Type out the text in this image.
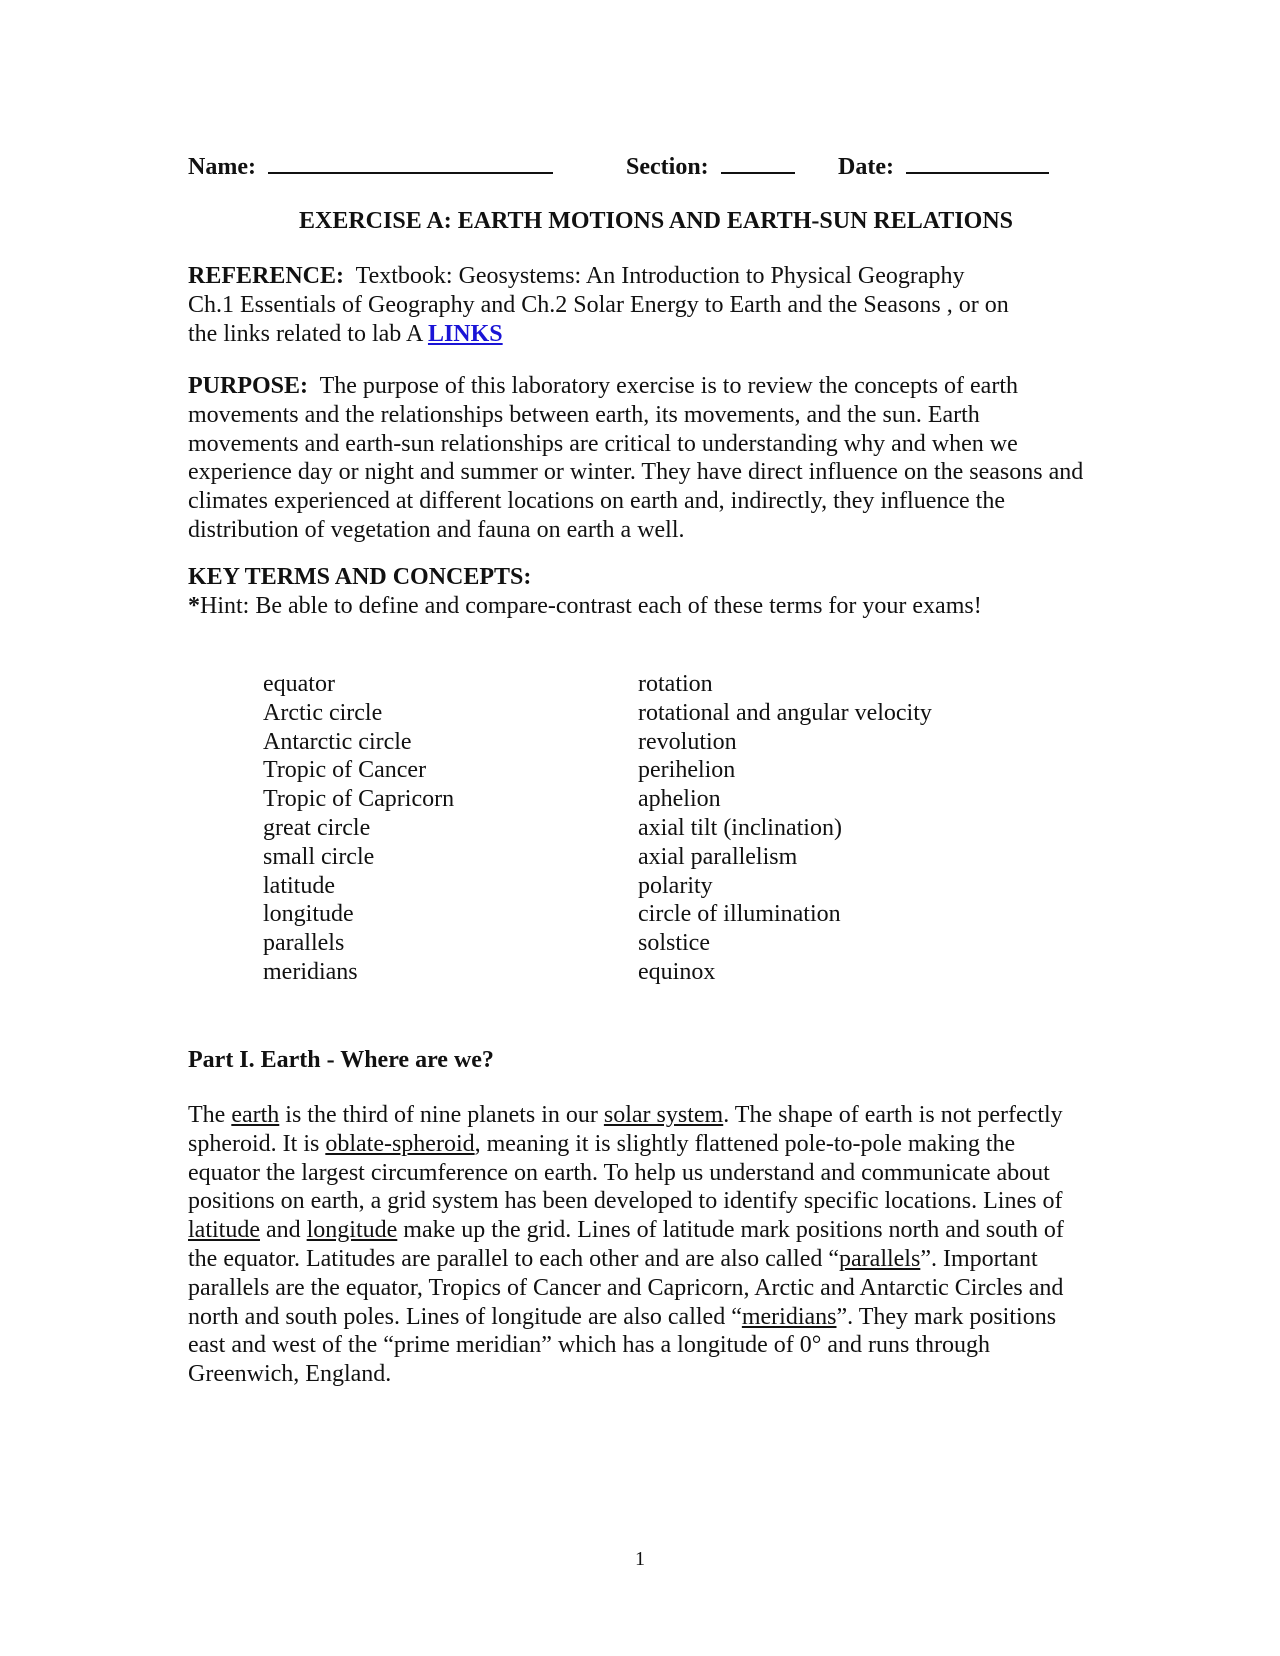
Name:	Section:	Date:
EXERCISE A: EARTH MOTIONS AND EARTH-SUN RELATIONS
REFERENCE: Textbook: Geosystems: An Introduction to Physical Geography
Ch.1 Essentials of Geography and Ch.2 Solar Energy to Earth and the Seasons , or on
the links related to lab A LINKS
PURPOSE: The purpose of this laboratory exercise is to review the concepts of earth movements and the relationships between earth, its movements, and the sun. Earth movements and earth-sun relationships are critical to understanding why and when we experience day or night and summer or winter. They have direct influence on the seasons and climates experienced at different locations on earth and, indirectly, they influence the distribution of vegetation and fauna on earth a well.
KEY TERMS AND CONCEPTS:
*Hint: Be able to define and compare-contrast each of these terms for your exams!
equator
Arctic circle
Antarctic circle
Tropic of Cancer
Tropic of Capricorn
great circle
small circle
latitude
longitude
parallels
meridians
rotation
rotational and angular velocity
revolution
perihelion
aphelion
axial tilt (inclination)
axial parallelism
polarity
circle of illumination
solstice
equinox
Part I. Earth - Where are we?
The earth is the third of nine planets in our solar system. The shape of earth is not perfectly spheroid. It is oblate-spheroid, meaning it is slightly flattened pole-to-pole making the equator the largest circumference on earth. To help us understand and communicate about positions on earth, a grid system has been developed to identify specific locations. Lines of latitude and longitude make up the grid. Lines of latitude mark positions north and south of the equator. Latitudes are parallel to each other and are also called “parallels”. Important parallels are the equator, Tropics of Cancer and Capricorn, Arctic and Antarctic Circles and north and south poles. Lines of longitude are also called “meridians”. They mark positions east and west of the “prime meridian” which has a longitude of 0° and runs through Greenwich, England.
1
